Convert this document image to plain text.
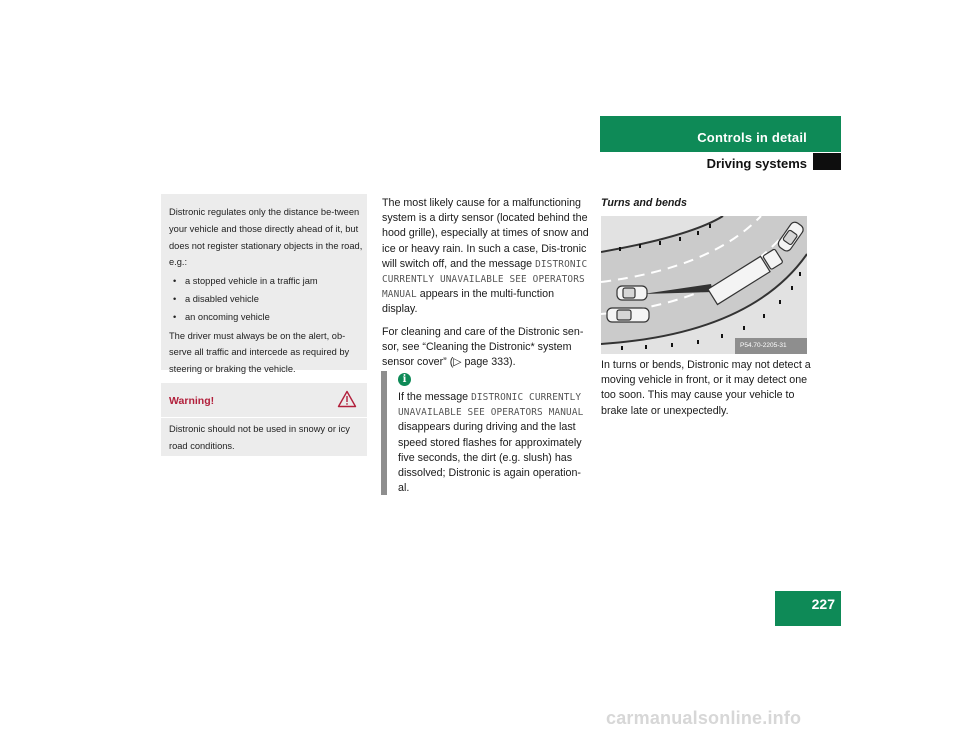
Controls in detail
Driving systems
Distronic regulates only the distance be-tween your vehicle and those directly ahead of it, but does not register stationary objects in the road, e.g.:
• a stopped vehicle in a traffic jam
• a disabled vehicle
• an oncoming vehicle
The driver must always be on the alert, ob-serve all traffic and intercede as required by steering or braking the vehicle.
Warning!
Distronic should not be used in snowy or icy road conditions.

The most likely cause for a malfunctioning system is a dirty sensor (located behind the hood grille), especially at times of snow and ice or heavy rain. In such a case, Dis-tronic will switch off, and the message DISTRONIC CURRENTLY UNAVAILABLE SEE OPERATORS MANUAL appears in the multi-function display.

For cleaning and care of the Distronic sen-sor, see “Cleaning the Distronic* system sensor cover” (▷ page 333).

i
If the message DISTRONIC CURRENTLY UNAVAILABLE SEE OPERATORS MANUAL disappears during driving and the last speed stored flashes for approximately five seconds, the dirt (e.g. slush) has dissolved; Distronic is again operation-al.
Turns and bends
P54.70-2205-31
In turns or bends, Distronic may not detect a moving vehicle in front, or it may detect one too soon. This may cause your vehicle to brake late or unexpectedly.
227
carmanualsonline.info
